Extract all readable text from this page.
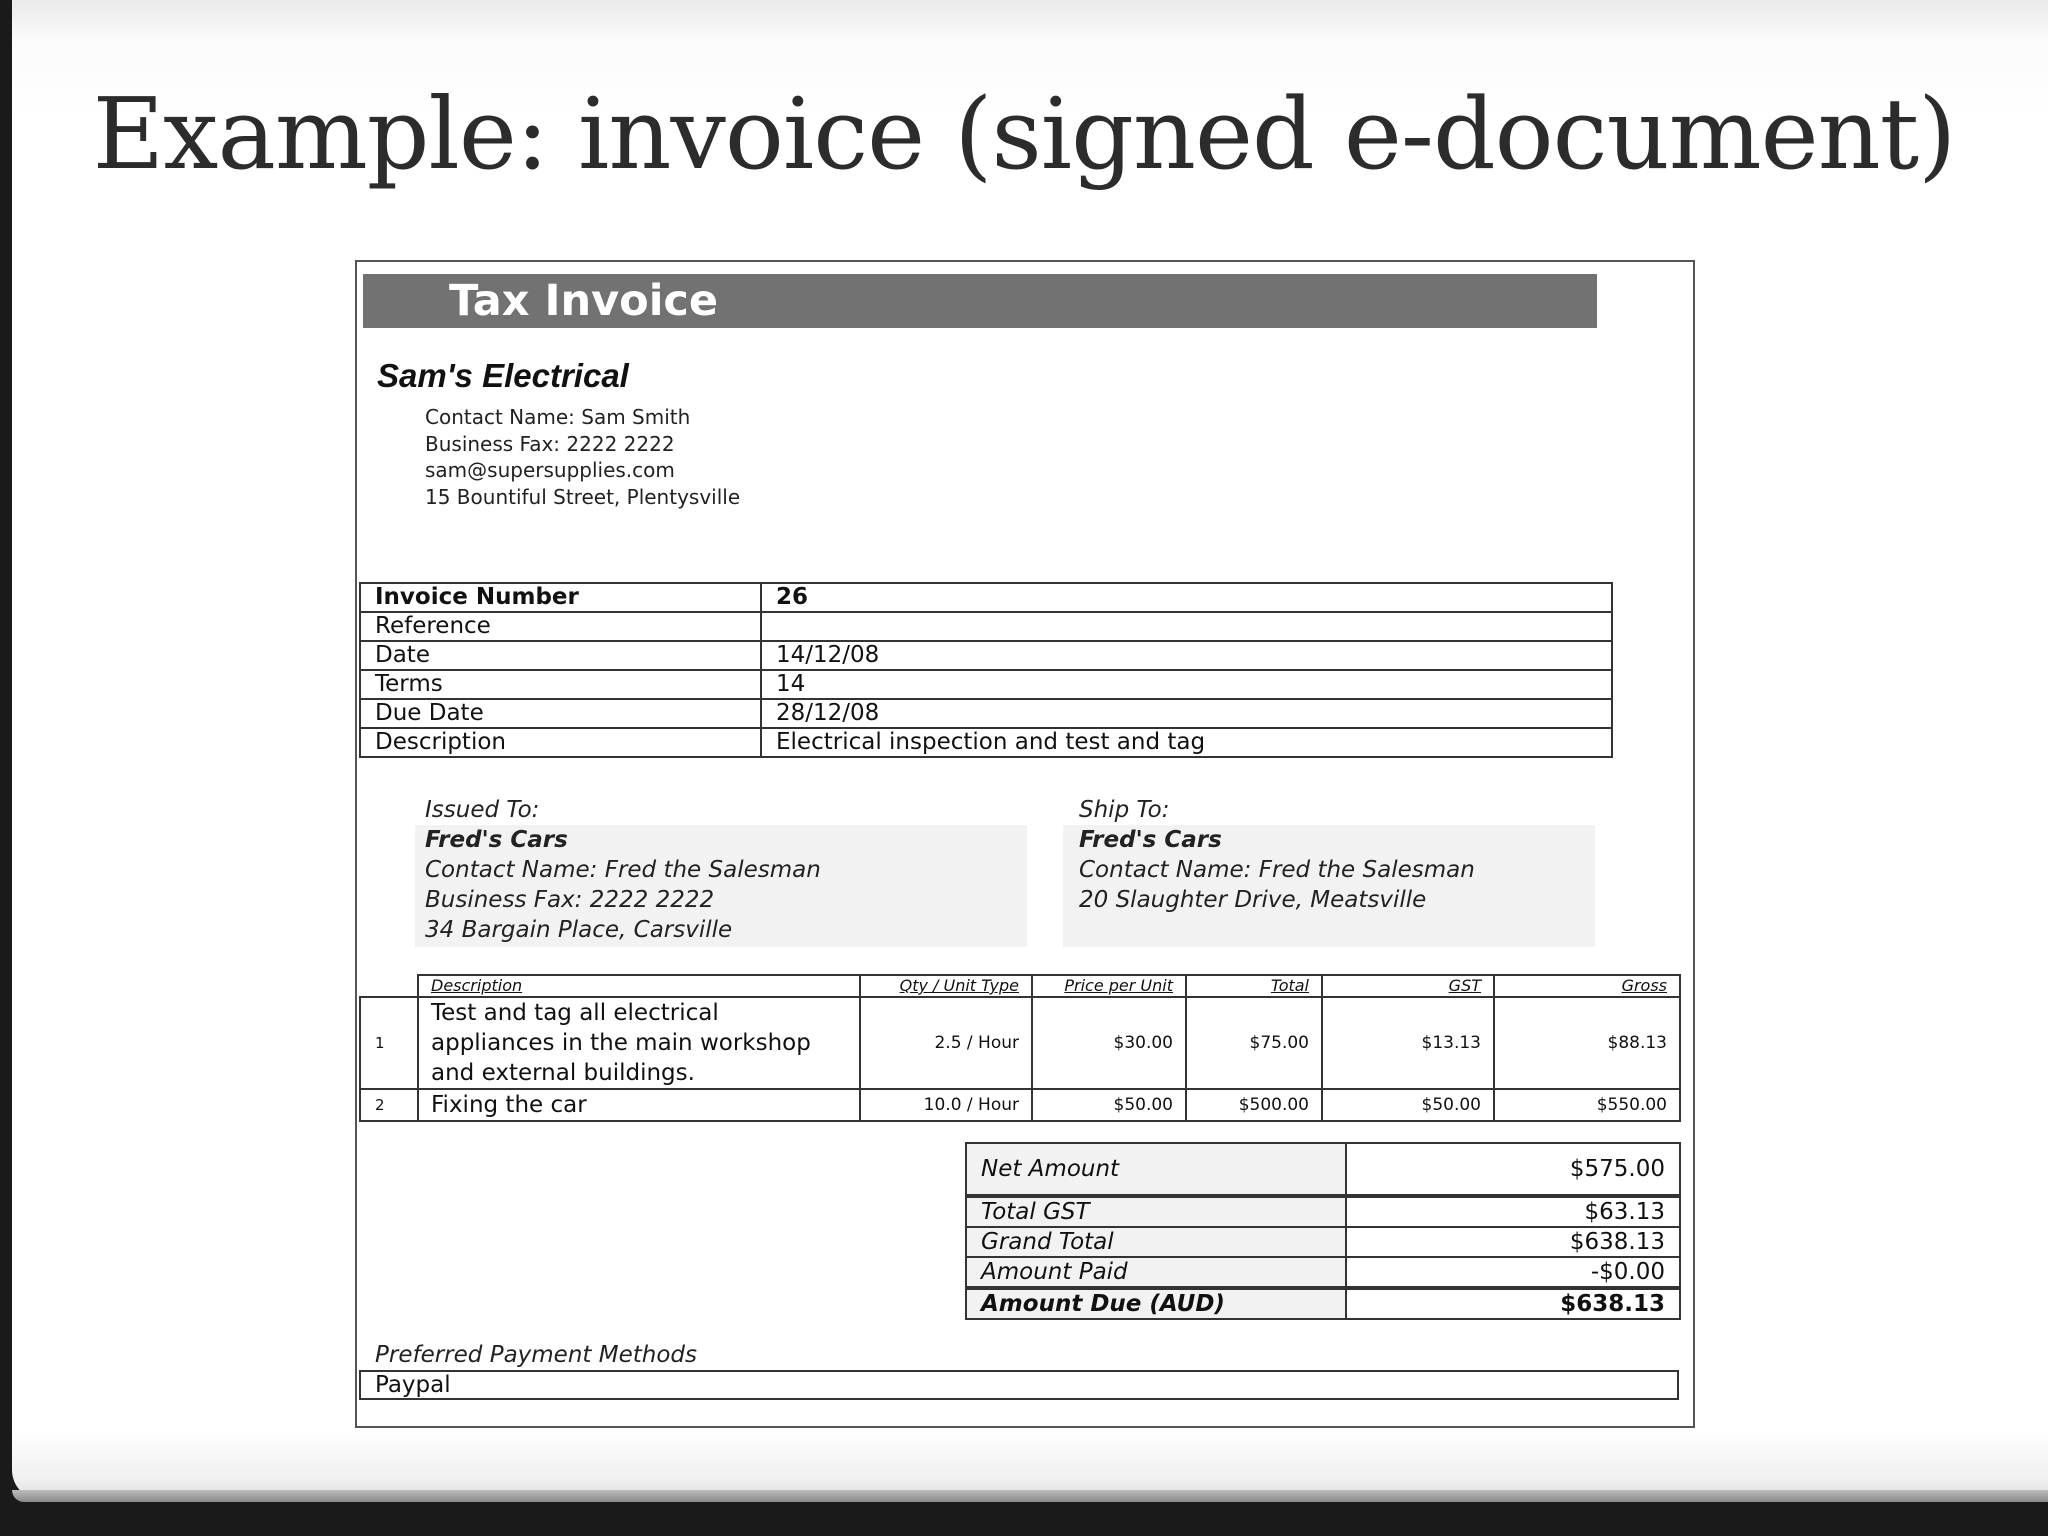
Example: invoice (signed e-document)
Tax Invoice
Sam's Electrical
Contact Name: Sam Smith
Business Fax: 2222 2222
sam@supersupplies.com
15 Bountiful Street, Plentysville
Invoice Number	26
Reference	
Date	14/12/08
Terms	14
Due Date	28/12/08
Description	Electrical inspection and test and tag
Issued To:
Fred's Cars
Contact Name: Fred the Salesman
Business Fax: 2222 2222
34 Bargain Place, Carsville
Ship To:
Fred's Cars
Contact Name: Fred the Salesman
20 Slaughter Drive, Meatsville
	Description	Qty / Unit Type	Price per Unit	Total	GST	Gross
1	Test and tag all electrical
appliances in the main workshop
and external buildings.	2.5 / Hour	$30.00	$75.00	$13.13	$88.13
2	Fixing the car	10.0 / Hour	$50.00	$500.00	$50.00	$550.00
Net Amount	$575.00
Total GST	$63.13
Grand Total	$638.13
Amount Paid	-$0.00
Amount Due (AUD)	$638.13
Preferred Payment Methods
Paypal
